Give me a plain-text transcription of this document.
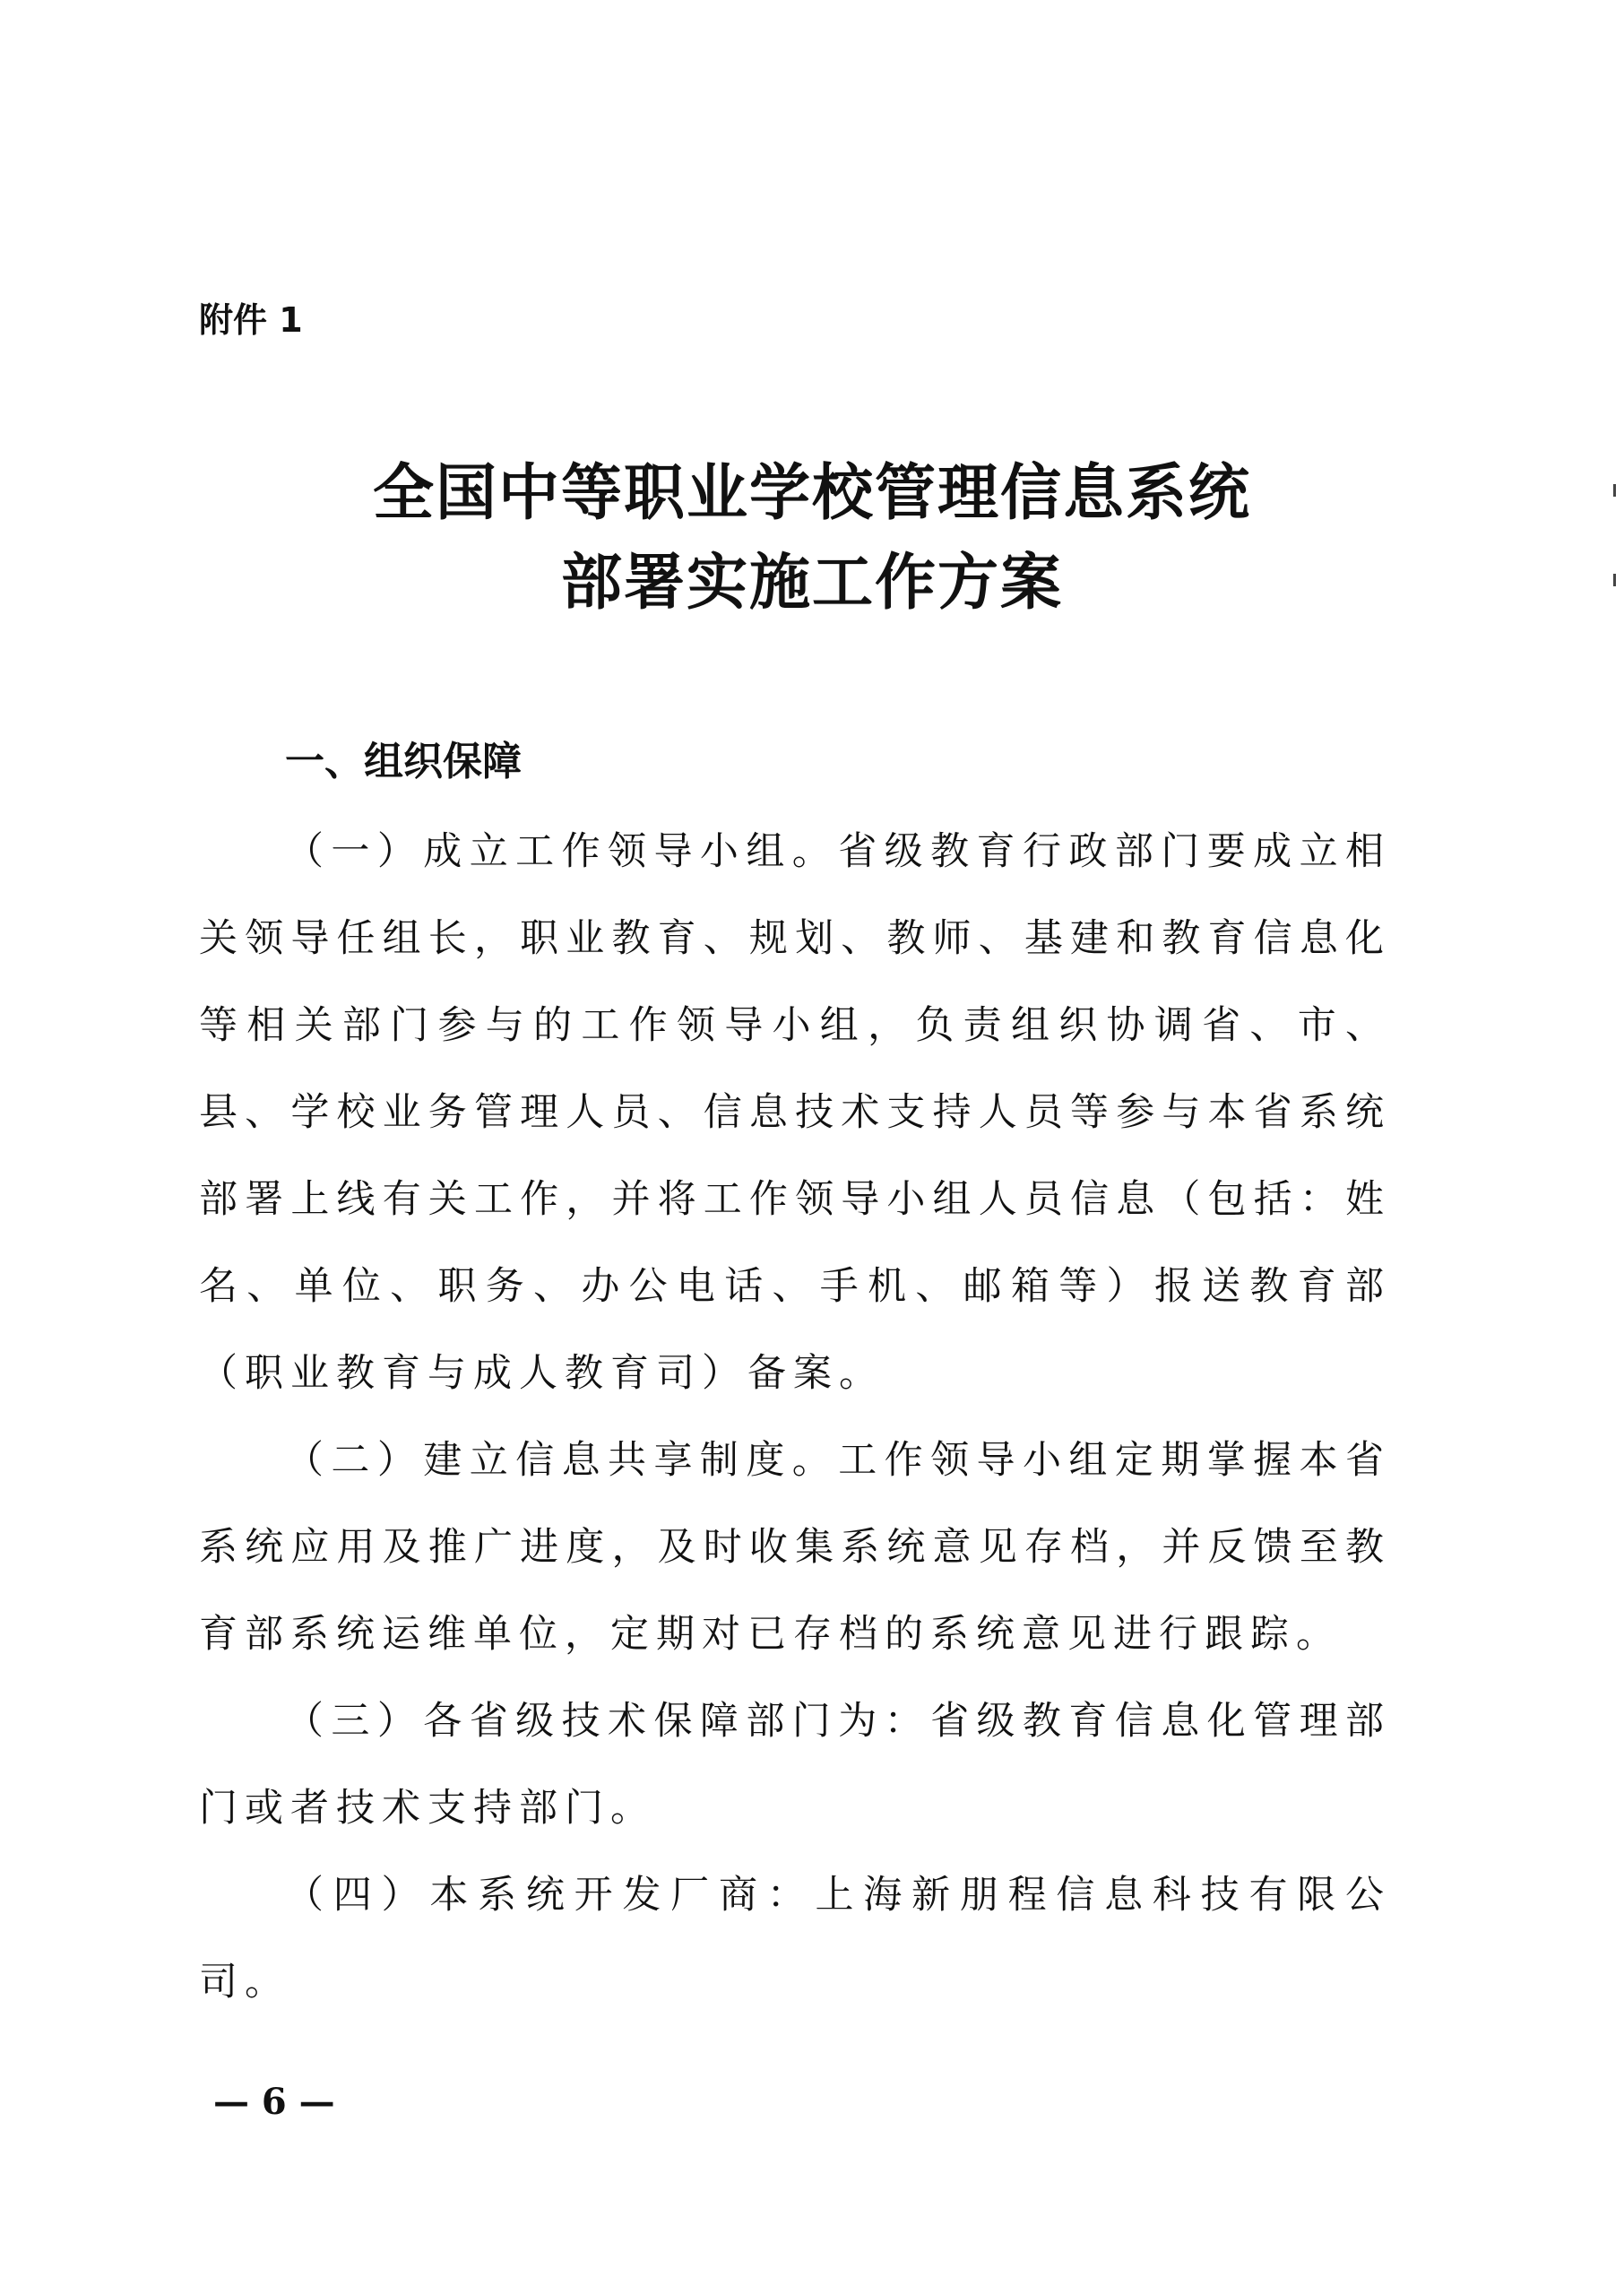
附件 1
全国中等职业学校管理信息系统
部署实施工作方案
一、组织保障

（一）成立工作领导小组。省级教育行政部门要成立相关领导任组长，职业教育、规划、教师、基建和教育信息化等相关部门参与的工作领导小组，负责组织协调省、市、县、学校业务管理人员、信息技术支持人员等参与本省系统部署上线有关工作，并将工作领导小组人员信息（包括：姓名、单位、职务、办公电话、手机、邮箱等）报送教育部（职业教育与成人教育司）备案。

（二）建立信息共享制度。工作领导小组定期掌握本省系统应用及推广进度，及时收集系统意见存档，并反馈至教育部系统运维单位，定期对已存档的系统意见进行跟踪。

（三）各省级技术保障部门为：省级教育信息化管理部门或者技术支持部门。

（四）本系统开发厂商：上海新朋程信息科技有限公司。

— 6 —
